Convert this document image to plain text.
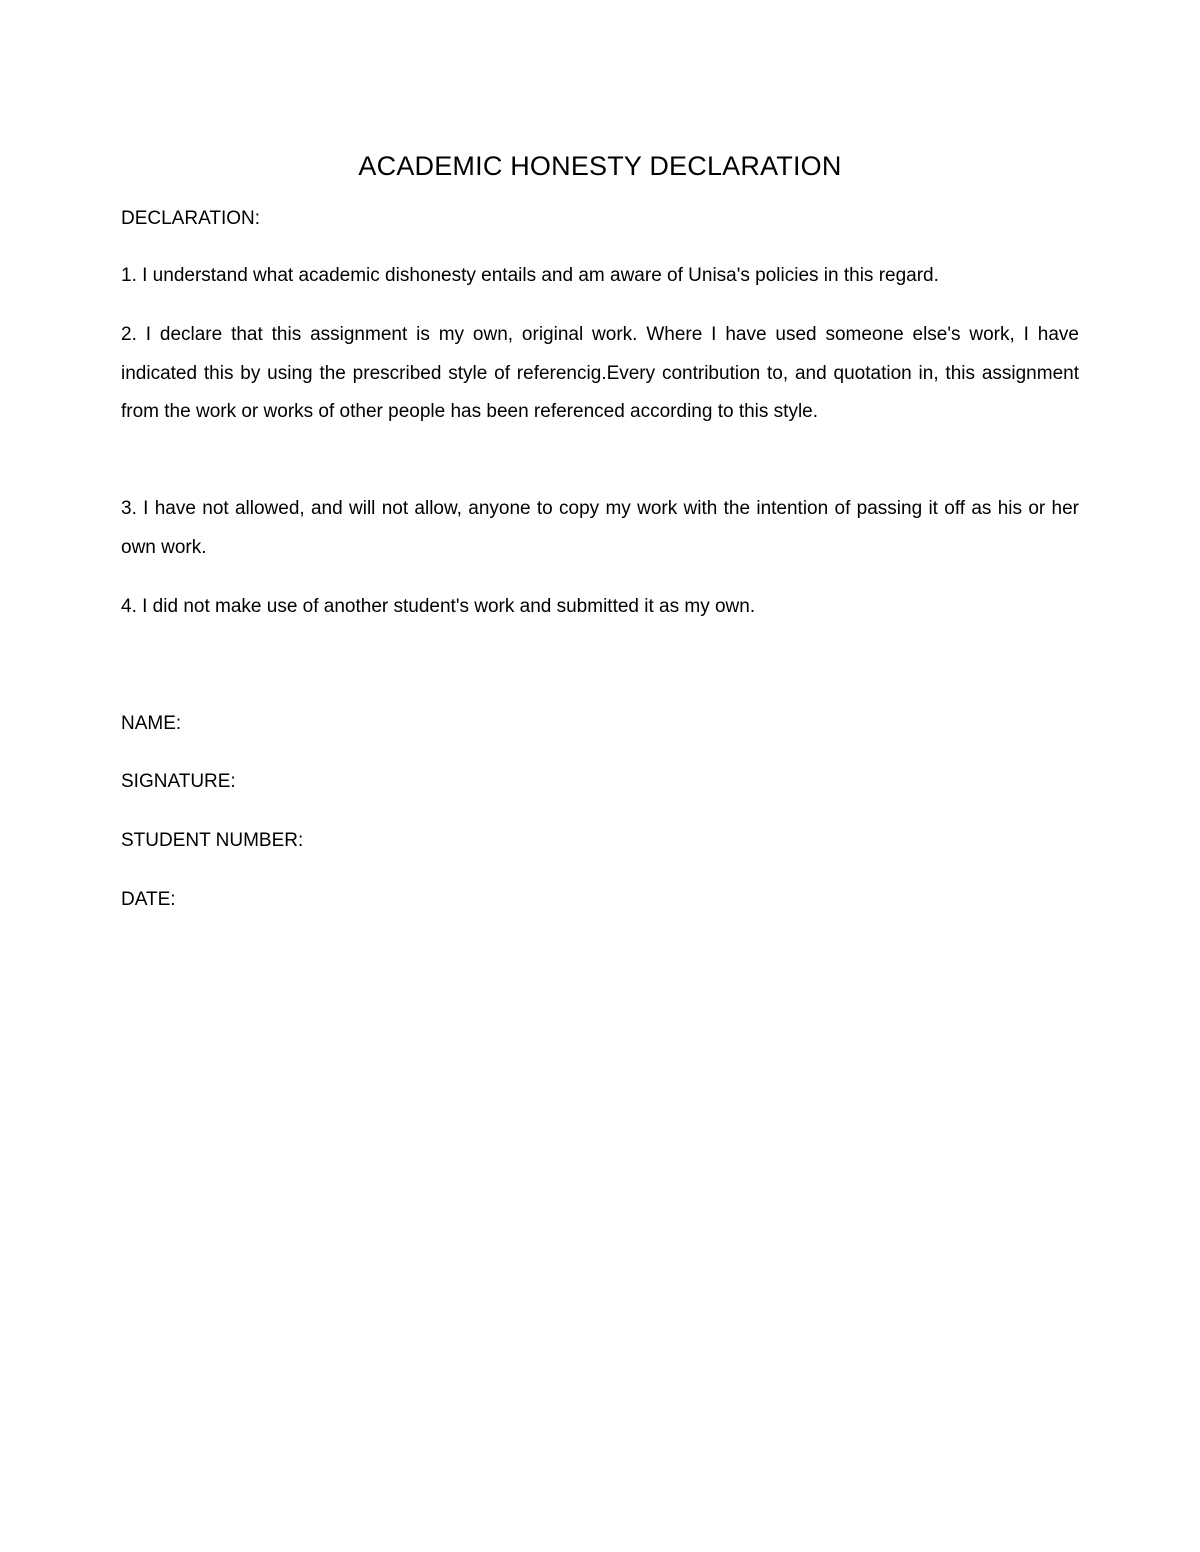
ACADEMIC HONESTY DECLARATION
DECLARATION:
1. I understand what academic dishonesty entails and am aware of Unisa's policies in this regard.
2. I declare that this assignment is my own, original work. Where I have used someone else's work, I have indicated this by using the prescribed style of referencig.Every contribution to, and quotation in, this assignment from the work or works of other people has been referenced according to this style.
3. I have not allowed, and will not allow, anyone to copy my work with the intention of passing it off as his or her own work.
4. I did not make use of another student's work and submitted it as my own.
NAME:
SIGNATURE:
STUDENT NUMBER:
DATE:
